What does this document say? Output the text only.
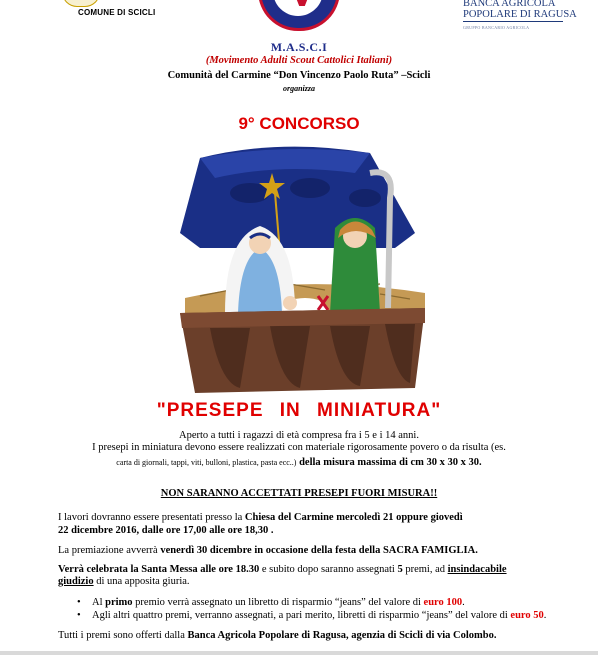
COMUNE DI SCICLI
BANCA AGRICOLA
POPOLARE DI RAGUSA
GRUPPO BANCARIO AGRICOLA
M.A.S.C.I
(Movimento Adulti Scout Cattolici Italiani)
Comunità del Carmine “Don Vincenzo Paolo Ruta” –Scicli
organizza
9° CONCORSO
"PRESEPE IN MINIATURA"
Aperto a tutti i ragazzi di età compresa fra i 5 e i 14 anni.
I presepi in miniatura devono essere realizzati con materiale rigorosamente povero o da risulta (es.
carta di giornali, tappi, viti, bulloni, plastica, pasta ecc..) della misura massima di cm 30 x 30 x 30.
NON SARANNO ACCETTATI PRESEPI FUORI MISURA!!
I lavori dovranno essere presentati presso la Chiesa del Carmine mercoledì 21 oppure giovedì
22 dicembre 2016, dalle ore 17,00 alle ore 18,30 .
La premiazione avverrà venerdì 30 dicembre in occasione della festa della SACRA FAMIGLIA.
Verrà celebrata la Santa Messa alle ore 18.30 e subito dopo saranno assegnati 5 premi, ad insindacabile
giudizio di una apposita giuria.
• Al primo premio verrà assegnato un libretto di risparmio “jeans” del valore di euro 100.
• Agli altri quattro premi, verranno assegnati, a pari merito, libretti di risparmio “jeans” del valore di euro 50.
Tutti i premi sono offerti dalla Banca Agricola Popolare di Ragusa, agenzia di Scicli di via Colombo.
